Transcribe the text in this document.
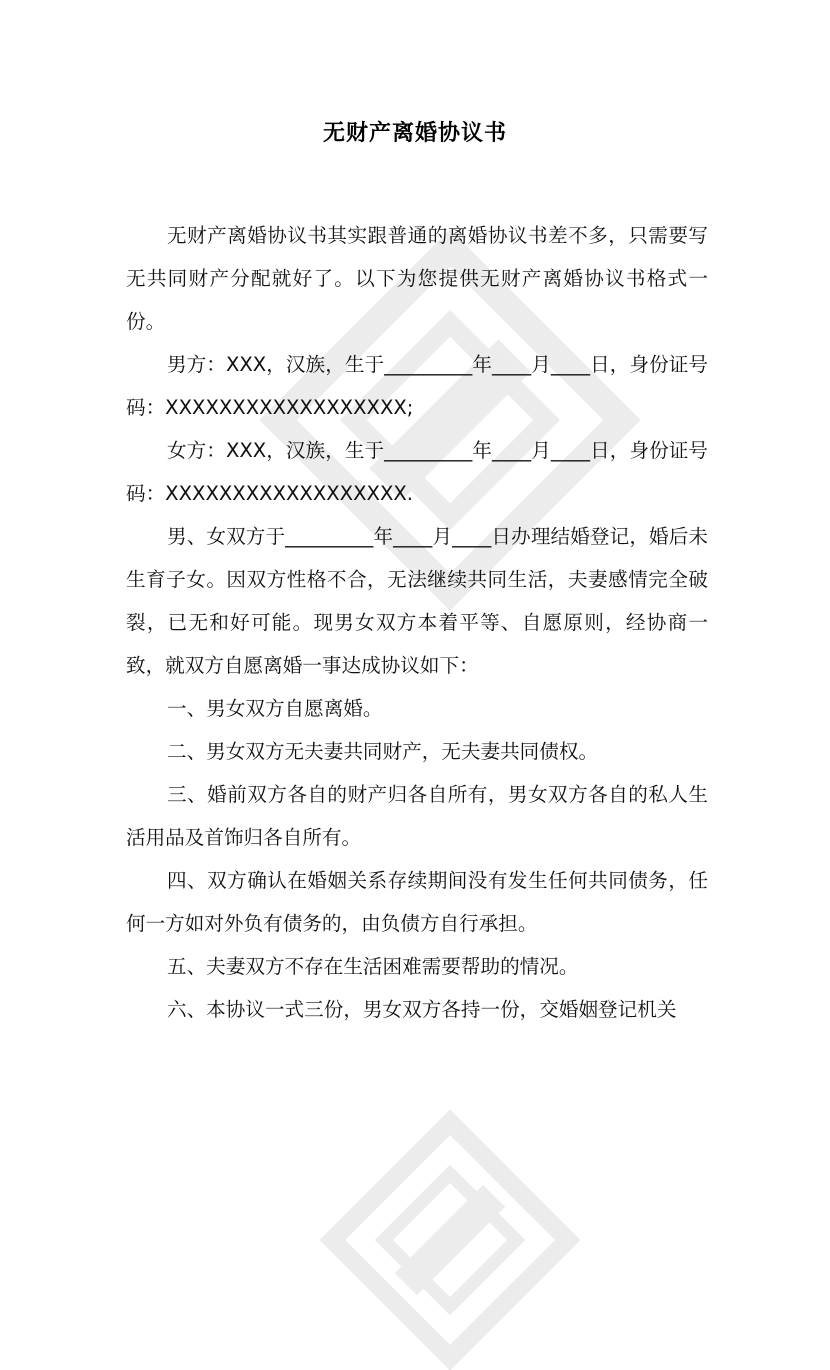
无财产离婚协议书

无财产离婚协议书其实跟普通的离婚协议书差不多，只需要写无共同财产分配就好了。以下为您提供无财产离婚协议书格式一份。

男方：XXX，汉族，生于_________年____月____日，身份证号码：XXXXXXXXXXXXXXXXXX;

女方：XXX，汉族，生于_________年____月____日，身份证号码：XXXXXXXXXXXXXXXXXX.

男、女双方于_________年____月____日办理结婚登记，婚后未生育子女。因双方性格不合，无法继续共同生活，夫妻感情完全破裂，已无和好可能。现男女双方本着平等、自愿原则，经协商一致，就双方自愿离婚一事达成协议如下：

一、男女双方自愿离婚。

二、男女双方无夫妻共同财产，无夫妻共同债权。

三、婚前双方各自的财产归各自所有，男女双方各自的私人生活用品及首饰归各自所有。

四、双方确认在婚姻关系存续期间没有发生任何共同债务，任何一方如对外负有债务的，由负债方自行承担。

五、夫妻双方不存在生活困难需要帮助的情况。

六、本协议一式三份，男女双方各持一份，交婚姻登记机关
